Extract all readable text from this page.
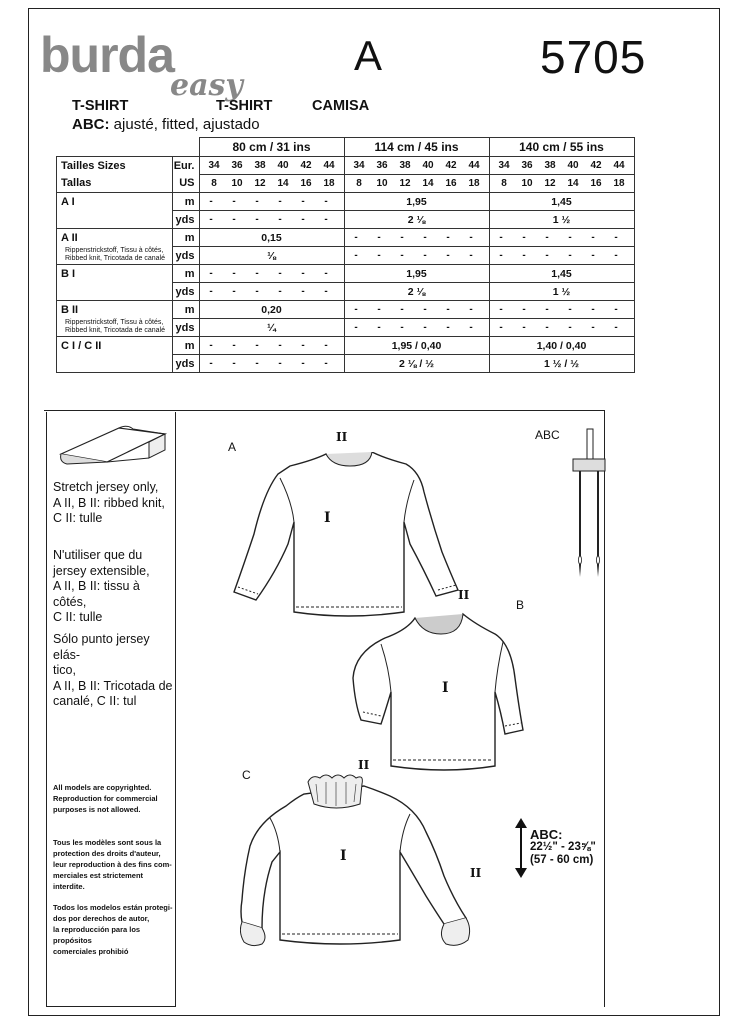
burda
easy
A	5705
T-SHIRT	T-SHIRT	CAMISA
ABC: ajusté, fitted, ajustado
		80 cm / 31 ins	114 cm / 45 ins	140 cm / 55 ins
Tailles Sizes	Eur.	34 36 38 40 42 44	34 36 38 40 42 44	34 36 38 40 42 44
Tallas	US	8 10 12 14 16 18	8 10 12 14 16 18	8 10 12 14 16 18
A I	m	- - - - - -	1,95	1,45
	yds	- - - - - -	2 ⅛	1 ½
A II	m	0,15	- - - - - -	- - - - - -

Rippenstrickstoff, Tissu à côtés, Ribbed knit, Tricotada de canalé	yds	⅛	- - - - - -	- - - - - -
B I	m	- - - - - -	1,95	1,45
	yds	- - - - - -	2 ⅛	1 ½
B II	m	0,20	- - - - - -	- - - - - -

Rippenstrickstoff, Tissu à côtés, Ribbed knit, Tricotada de canalé	yds	¼	- - - - - -	- - - - - -
C I / C II	m	- - - - - -	1,95 / 0,40	1,40 / 0,40
	yds	- - - - - -	2 ⅛ / ½	1 ½ / ½
Stretch jersey only,
A II, B II: ribbed knit,
C II: tulle
N'utiliser que du
jersey extensible,
A II, B II: tissu à côtés,
C II: tulle
Sólo punto jersey elás-
tico,
A II, B II: Tricotada de
canalé, C II: tul
All models are copyrighted.
Reproduction for commercial
purposes is not allowed.
Tous les modèles sont sous la
protection des droits d'auteur,
leur reproduction à des fins com-
merciales est strictement interdite.
Todos los modelos están protegi-
dos por derechos de autor,
la reproducción para los propósitos
comerciales prohibió
A
B
C
ABC
I
II
I
II
I
II
II
ABC:
22½" - 23⅝"
(57 - 60 cm)
